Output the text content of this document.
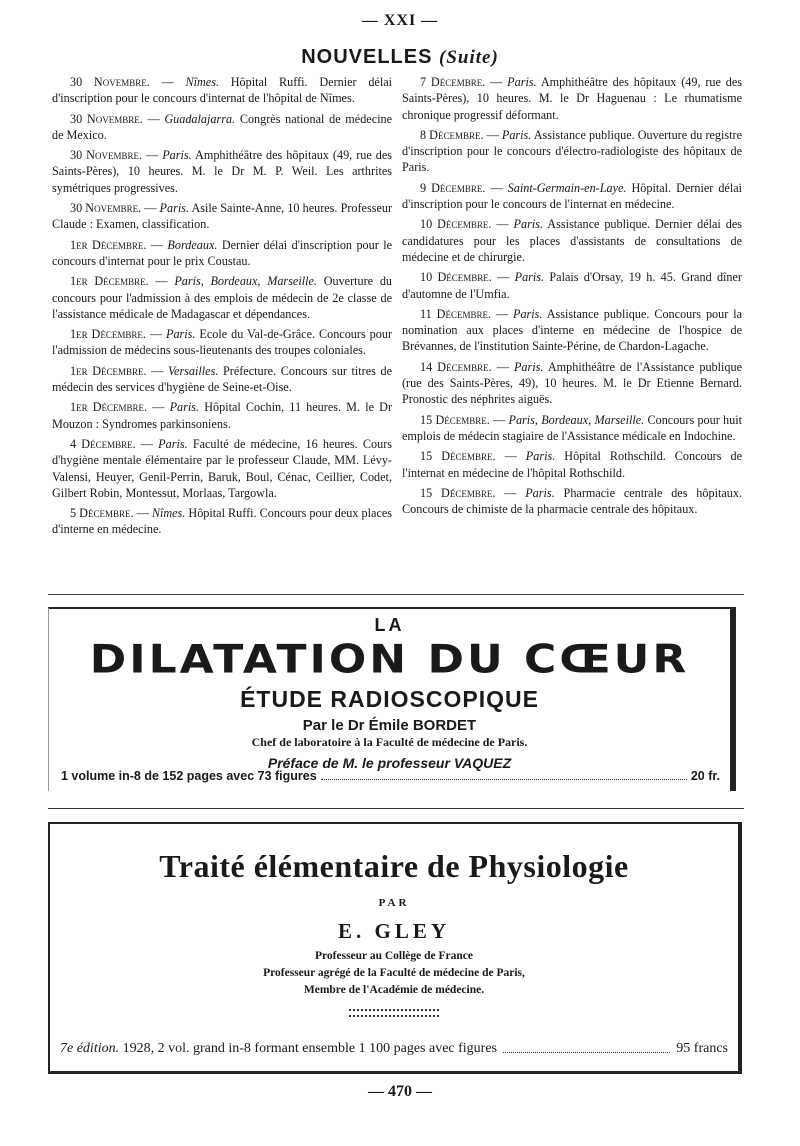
— XXI —
NOUVELLES (Suite)

30 Novembre. — Nîmes. Hôpital Ruffi. Dernier délai d'inscription pour le concours d'internat de l'hôpital de Nîmes.

30 Novembre. — Guadalajarra. Congrès national de médecine de Mexico.

30 Novembre. — Paris. Amphithéâtre des hôpitaux (49, rue des Saints-Pères), 10 heures. M. le Dr M. P. Weil. Les arthrites symétriques progressives.

30 Novembre. — Paris. Asile Sainte-Anne, 10 heures. Professeur Claude : Examen, classification.

1er Décembre. — Bordeaux. Dernier délai d'inscription pour le concours d'internat pour le prix Coustau.

1er Décembre. — Paris, Bordeaux, Marseille. Ouverture du concours pour l'admission à des emplois de médecin de 2e classe de l'assistance médicale de Madagascar et dépendances.

1er Décembre. — Paris. Ecole du Val-de-Grâce. Concours pour l'admission de médecins sous-lieutenants des troupes coloniales.

1er Décembre. — Versailles. Préfecture. Concours sur titres de médecin des services d'hygiène de Seine-et-Oise.

1er Décembre. — Paris. Hôpital Cochin, 11 heures. M. le Dr Mouzon : Syndromes parkinsoniens.

4 Décembre. — Paris. Faculté de médecine, 16 heures. Cours d'hygiène mentale élémentaire par le professeur Claude, MM. Lévy-Valensi, Heuyer, Genil-Perrin, Baruk, Boul, Cénac, Ceillier, Codet, Gilbert Robin, Montessut, Morlaas, Targowla.

5 Décembre. — Nîmes. Hôpital Ruffi. Concours pour deux places d'interne en médecine.

7 Décembre. — Paris. Amphithéâtre des hôpitaux (49, rue des Saints-Pères), 10 heures. M. le Dr Haguenau : Le rhumatisme chronique progressif déformant.

8 Décembre. — Paris. Assistance publique. Ouverture du registre d'inscription pour le concours d'électro-radiologiste des hôpitaux de Paris.

9 Décembre. — Saint-Germain-en-Laye. Hôpital. Dernier délai d'inscription pour le concours de l'internat en médecine.

10 Décembre. — Paris. Assistance publique. Dernier délai des candidatures pour les places d'assistants de consultations de médecine et de chirurgie.

10 Décembre. — Paris. Palais d'Orsay, 19 h. 45. Grand dîner d'automne de l'Umfia.

11 Décembre. — Paris. Assistance publique. Concours pour la nomination aux places d'interne en médecine de l'hospice de Brévannes, de l'institution Sainte-Périne, de Chardon-Lagache.

14 Décembre. — Paris. Amphithéâtre de l'Assistance publique (rue des Saints-Pères, 49), 10 heures. M. le Dr Etienne Bernard. Pronostic des néphrites aiguës.

15 Décembre. — Paris, Bordeaux, Marseille. Concours pour huit emplois de médecin stagiaire de l'Assistance médicale en Indochine.

15 Décembre. — Paris. Hôpital Rothschild. Concours de l'internat en médecine de l'hôpital Rothschild.

15 Décembre. — Paris. Pharmacie centrale des hôpitaux. Concours de chimiste de la pharmacie centrale des hôpitaux.

LA
DILATATION DU CŒUR
ÉTUDE RADIOSCOPIQUE
Par le Dr Émile BORDET
Chef de laboratoire à la Faculté de médecine de Paris.
Préface de M. le professeur VAQUEZ
1 volume in-8 de 152 pages avec 73 figures	20 fr.
Traité élémentaire de Physiologie
PAR
E. GLEY
Professeur au Collège de France
Professeur agrégé de la Faculté de médecine de Paris,
Membre de l'Académie de médecine.
7e édition.
1928, 2 vol. grand in-8 formant ensemble 1 100 pages avec figures	95 francs
— 470 —
